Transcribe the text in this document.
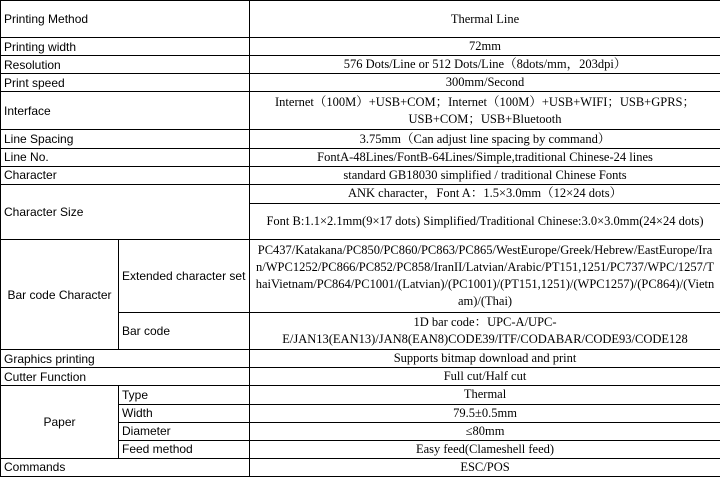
Printing Method		Thermal Line
Printing width		72mm
Resolution		576 Dots/Line or 512 Dots/Line（8dots/mm，203dpi）
Print speed		300mm/Second
Interface		Internet（100M）+USB+COM；Internet（100M）+USB+WIFI；USB+GPRS；
USB+COM；USB+Bluetooth

Line Spacing		3.75mm（Can adjust line spacing by command）
Line No.		FontA-48Lines/FontB-64Lines/Simple,traditional Chinese-24 lines
Character		standard GB18030 simplified / traditional Chinese Fonts
Character Size		ANK character，Font A：1.5×3.0mm（12×24 dots）
		Font B:1.1×2.1mm(9×17 dots) Simplified/Traditional Chinese:3.0×3.0mm(24×24 dots)
Bar code Character	Extended character set	PC437/Katakana/PC850/PC860/PC863/PC865/WestEurope/Greek/Hebrew/EastEurope/Iran/WPC1252/PC866/PC852/PC858/IranII/Latvian/Arabic/PT151,1251/PC737/WPC/1257/ThaiVietnam/PC864/PC1001/(Latvian)/(PC1001)/(PT151,1251)/(WPC1257)/(PC864)/(Vietnam)/(Thai)
	Bar code	1D bar code：UPC-A/UPC-
E/JAN13(EAN13)/JAN8(EAN8)CODE39/ITF/CODABAR/CODE93/CODE128

Graphics printing		Supports bitmap download and print
Cutter Function		Full cut/Half cut
Paper	Type	Thermal
	Width	79.5±0.5mm
	Diameter	≤80mm
	Feed method	Easy feed(Clameshell feed)
Commands		ESC/POS
